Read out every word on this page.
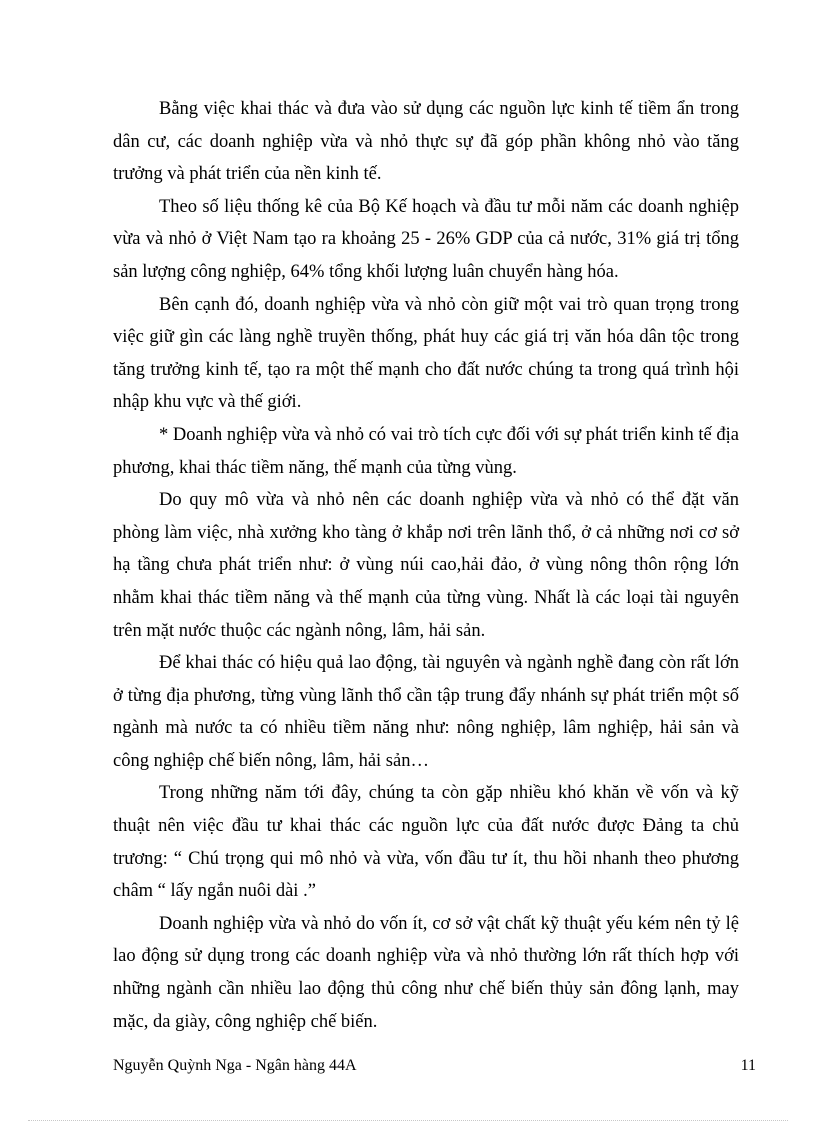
Bằng việc khai thác và đưa vào sử dụng các nguồn lực kinh tế tiềm ẩn trong dân cư, các doanh nghiệp vừa và nhỏ thực sự đã góp phần không nhỏ vào tăng trưởng và phát triển của nền kinh tế.

Theo số liệu thống kê của Bộ Kế hoạch và đầu tư mỗi năm các doanh nghiệp vừa và nhỏ ở Việt Nam tạo ra khoảng 25 - 26% GDP của cả nước, 31% giá trị tổng sản lượng công nghiệp, 64% tổng khối lượng luân chuyển hàng hóa.

Bên cạnh đó, doanh nghiệp vừa và nhỏ còn giữ một vai trò quan trọng trong việc giữ gìn các làng nghề truyền thống, phát huy các giá trị văn hóa dân tộc trong tăng trưởng kinh tế, tạo ra một thế mạnh cho đất nước chúng ta trong quá trình hội nhập khu vực và thế giới.

* Doanh nghiệp vừa và nhỏ có vai trò tích cực đối với sự phát triển kinh tế địa phương, khai thác tiềm năng, thế mạnh của từng vùng.

Do quy mô vừa và nhỏ nên các doanh nghiệp vừa và nhỏ có thể đặt văn phòng làm việc, nhà xưởng kho tàng ở khắp nơi trên lãnh thổ, ở cả những nơi cơ sở hạ tầng chưa phát triển như: ở vùng núi cao,hải đảo, ở vùng nông thôn rộng lớn nhằm khai thác tiềm năng và thế mạnh của từng vùng. Nhất là các loại tài nguyên trên mặt nước thuộc các ngành nông, lâm, hải sản.

Để khai thác có hiệu quả lao động, tài nguyên và ngành nghề đang còn rất lớn ở từng địa phương, từng vùng lãnh thổ cần tập trung đẩy nhánh sự phát triển một số ngành mà nước ta có nhiều tiềm năng như: nông nghiệp, lâm nghiệp, hải sản và công nghiệp chế biến nông, lâm, hải sản…

Trong những năm tới đây, chúng ta còn gặp nhiều khó khăn về vốn và kỹ thuật nên việc đầu tư khai thác các nguồn lực của đất nước được Đảng ta chủ trương: “ Chú trọng qui mô nhỏ và vừa, vốn đầu tư ít, thu hồi nhanh theo phương châm “ lấy ngắn nuôi dài .”

Doanh nghiệp vừa và nhỏ do vốn ít, cơ sở vật chất kỹ thuật yếu kém nên tỷ lệ lao động sử dụng trong các doanh nghiệp vừa và nhỏ thường lớn rất thích hợp với những ngành cần nhiều lao động thủ công như chế biến thủy sản đông lạnh, may mặc, da giày, công nghiệp chế biến.

Nguyễn Quỳnh Nga - Ngân hàng 44A	11
